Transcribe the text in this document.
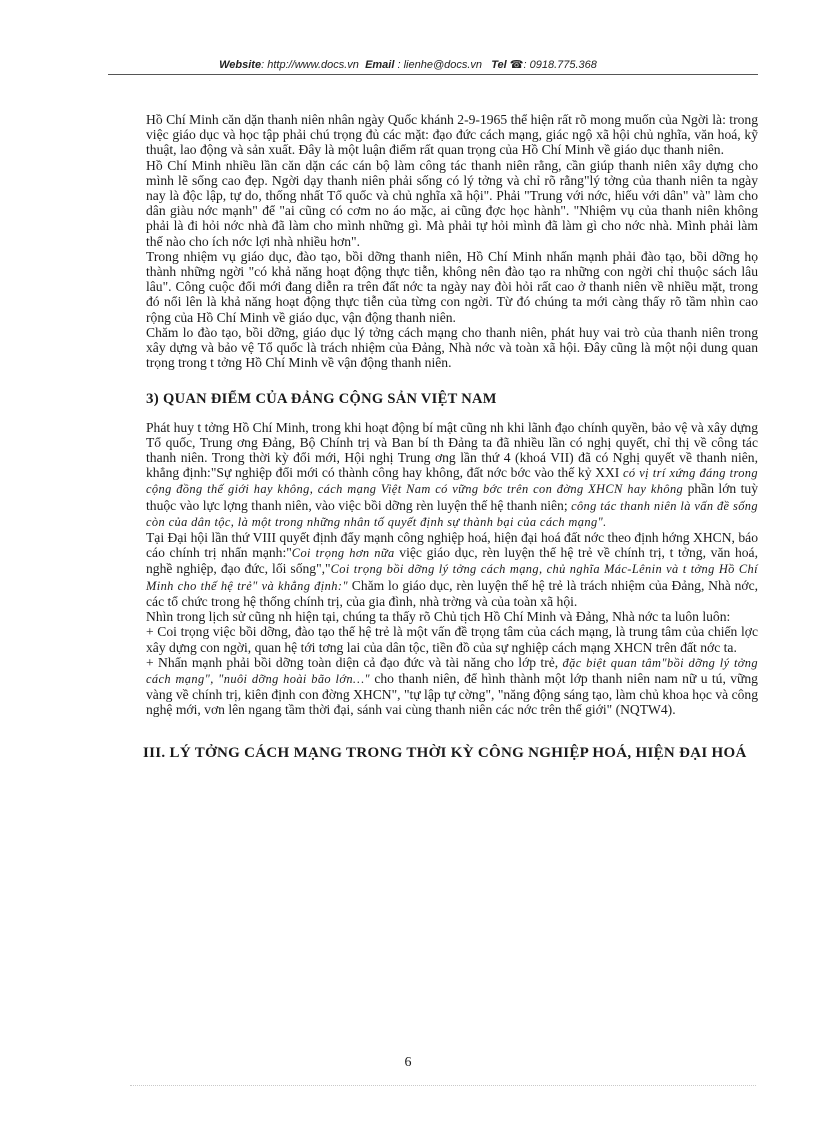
Website: http://www.docs.vn Email : lienhe@docs.vn Tel ☎: 0918.775.368

Hồ Chí Minh căn dặn thanh niên nhân ngày Quốc khánh 2-9-1965 thể hiện rất rõ mong muốn của Ngời là: trong việc giáo dục và học tập phải chú trọng đủ các mặt: đạo đức cách mạng, giác ngộ xã hội chủ nghĩa, văn hoá, kỹ thuật, lao động và sản xuất. Đây là một luận điểm rất quan trọng của Hồ Chí Minh về giáo dục thanh niên.

Hồ Chí Minh nhiều lần căn dặn các cán bộ làm công tác thanh niên rằng, cần giúp thanh niên xây dựng cho mình lẽ sống cao đẹp. Ngời dạy thanh niên phải sống có lý tởng và chỉ rõ rằng"lý tởng của thanh niên ta ngày nay là độc lập, tự do, thống nhất Tổ quốc và chủ nghĩa xã hội". Phải "Trung với nớc, hiếu với dân" và" làm cho dân giàu nớc mạnh" để "ai cũng có cơm no áo mặc, ai cũng đợc học hành". "Nhiệm vụ của thanh niên không phải là đi hỏi nớc nhà đã làm cho mình những gì. Mà phải tự hỏi mình đã làm gì cho nớc nhà. Mình phải làm thế nào cho ích nớc lợi nhà nhiều hơn".

Trong nhiệm vụ giáo dục, đào tạo, bồi dỡng thanh niên, Hồ Chí Minh nhấn mạnh phải đào tạo, bồi dỡng họ thành những ngời "có khả năng hoạt động thực tiễn, không nên đào tạo ra những con ngời chỉ thuộc sách lâu lâu". Công cuộc đổi mới đang diễn ra trên đất nớc ta ngày nay đòi hỏi rất cao ở thanh niên về nhiều mặt, trong đó nổi lên là khả năng hoạt động thực tiễn của từng con ngời. Từ đó chúng ta mới càng thấy rõ tầm nhìn cao rộng của Hồ Chí Minh về giáo dục, vận động thanh niên.

Chăm lo đào tạo, bồi dỡng, giáo dục lý tởng cách mạng cho thanh niên, phát huy vai trò của thanh niên trong xây dựng và bảo vệ Tổ quốc là trách nhiệm của Đảng, Nhà nớc và toàn xã hội. Đây cũng là một nội dung quan trọng trong t tởng Hồ Chí Minh về vận động thanh niên.

3) QUAN ĐIỂM CỦA ĐẢNG CỘNG SẢN VIỆT NAM

Phát huy t tởng Hồ Chí Minh, trong khi hoạt động bí mật cũng nh khi lãnh đạo chính quyền, bảo vệ và xây dựng Tổ quốc, Trung ơng Đảng, Bộ Chính trị và Ban bí th Đảng ta đã nhiều lần có nghị quyết, chỉ thị về công tác thanh niên. Trong thời kỳ đổi mới, Hội nghị Trung ơng lần thứ 4 (khoá VII) đã có Nghị quyết về thanh niên, khẳng định:"Sự nghiệp đổi mới có thành công hay không, đất nớc bớc vào thế kỷ XXI có vị trí xứng đáng trong cộng đồng thế giới hay không, cách mạng Việt Nam có vững bớc trên con đờng XHCN hay không phần lớn tuỳ thuộc vào lực lợng thanh niên, vào việc bồi dỡng rèn luyện thế hệ thanh niên; công tác thanh niên là vấn đề sống còn của dân tộc, là một trong những nhân tố quyết định sự thành bại của cách mạng".

Tại Đại hội lần thứ VIII quyết định đẩy mạnh công nghiệp hoá, hiện đại hoá đất nớc theo định hớng XHCN, báo cáo chính trị nhấn mạnh:"Coi trọng hơn nữa việc giáo dục, rèn luyện thế hệ trẻ về chính trị, t tởng, văn hoá, nghề nghiệp, đạo đức, lối sống","Coi trọng bồi dỡng lý tởng cách mạng, chủ nghĩa Mác-Lênin và t tởng Hồ Chí Minh cho thế hệ trẻ" và khẳng định:" Chăm lo giáo dục, rèn luyện thế hệ trẻ là trách nhiệm của Đảng, Nhà nớc, các tổ chức trong hệ thống chính trị, của gia đình, nhà trờng và của toàn xã hội.

Nhìn trong lịch sử cũng nh hiện tại, chúng ta thấy rõ Chủ tịch Hồ Chí Minh và Đảng, Nhà nớc ta luôn luôn:

+ Coi trọng việc bồi dỡng, đào tạo thế hệ trẻ là một vấn đề trọng tâm của cách mạng, là trung tâm của chiến lợc xây dựng con ngời, quan hệ tới tơng lai của dân tộc, tiền đồ của sự nghiệp cách mạng XHCN trên đất nớc ta.

+ Nhấn mạnh phải bồi dỡng toàn diện cả đạo đức và tài năng cho lớp trẻ, đặc biệt quan tâm"bồi dỡng lý tởng cách mạng", "nuôi dỡng hoài bão lớn…" cho thanh niên, để hình thành một lớp thanh niên nam nữ u tú, vững vàng về chính trị, kiên định con đờng XHCN", "tự lập tự cờng", "năng động sáng tạo, làm chủ khoa học và công nghệ mới, vơn lên ngang tầm thời đại, sánh vai cùng thanh niên các nớc trên thế giới" (NQTW4).

III. LÝ TỞNG CÁCH MẠNG TRONG THỜI KỲ CÔNG NGHIỆP HOÁ, HIỆN ĐẠI HOÁ

6
